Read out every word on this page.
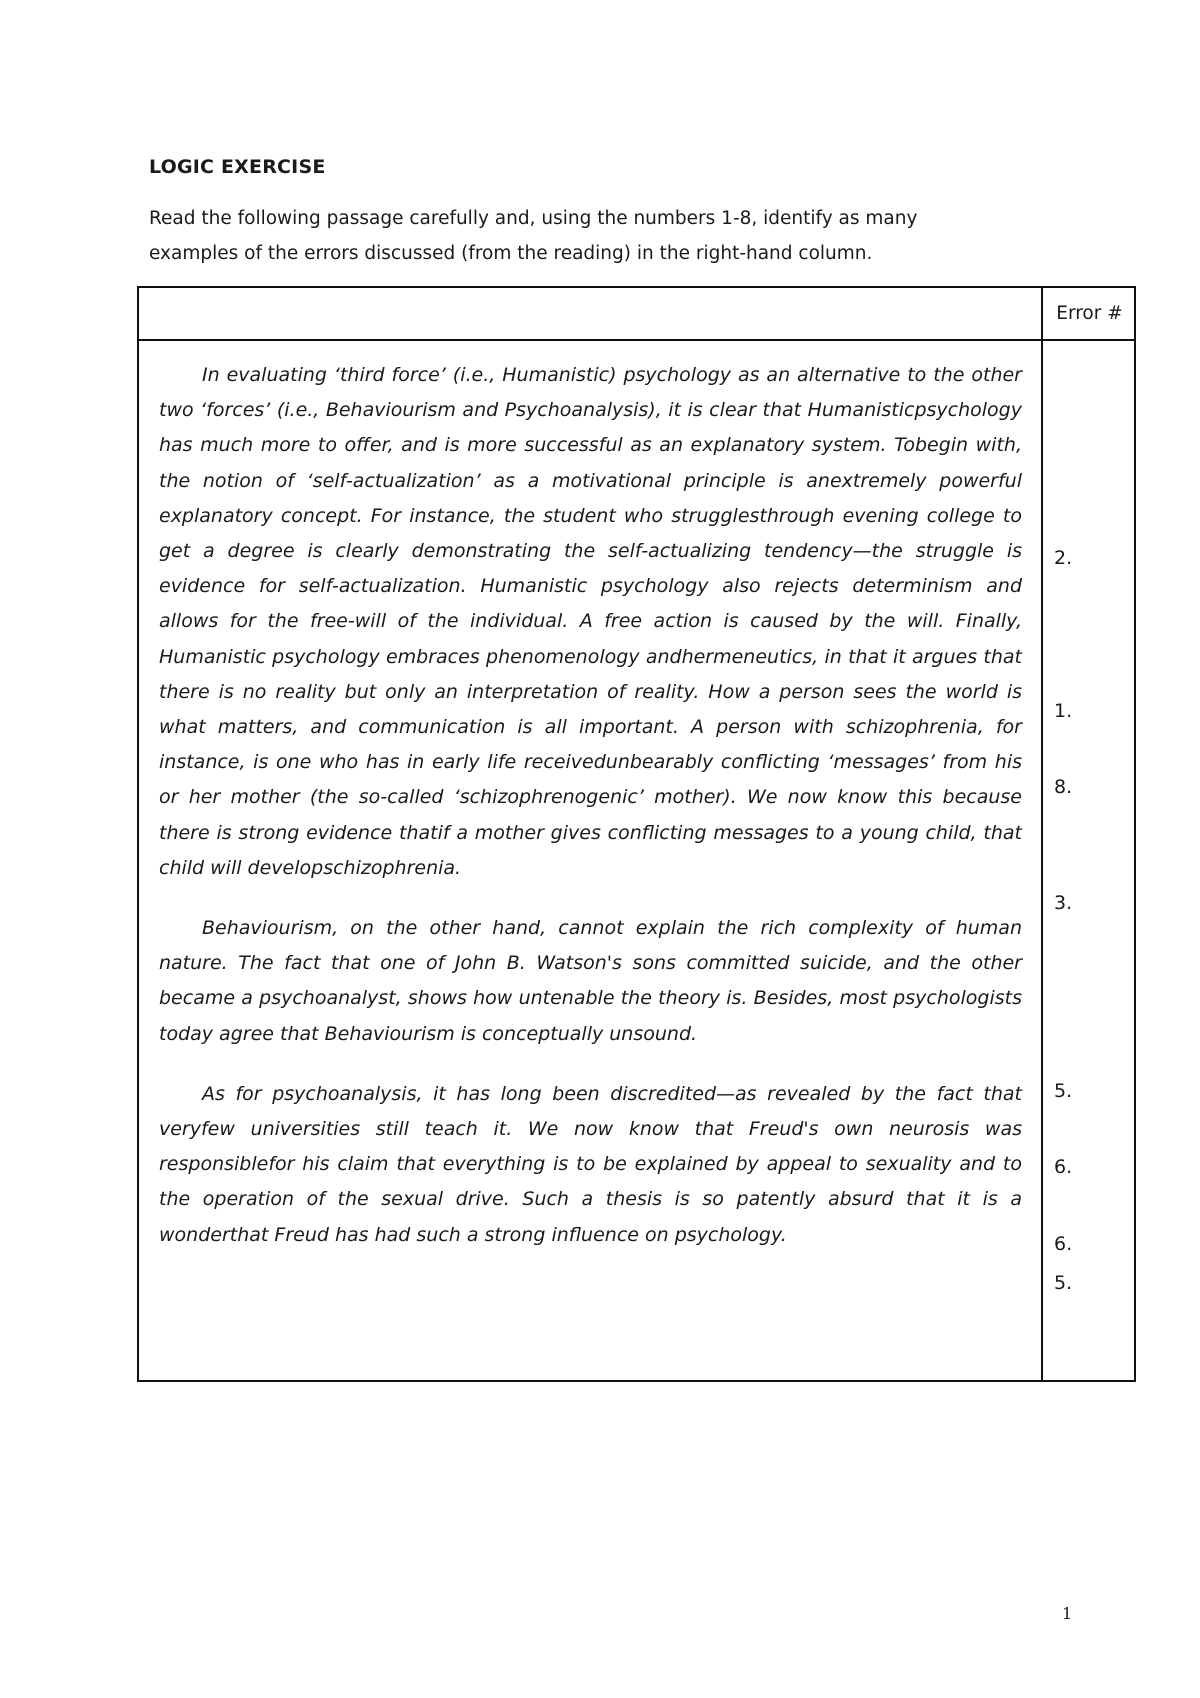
LOGIC EXERCISE
Read the following passage carefully and, using the numbers 1-8, identify as many
examples of the errors discussed (from the reading) in the right-hand column.
Error #

In evaluating ‘third force’ (i.e., Humanistic) psychology as an alternative to the other two ‘forces’ (i.e., Behaviourism and Psychoanalysis), it is clear that Humanisticpsychology has much more to offer, and is more successful as an explanatory system. Tobegin with, the notion of ‘self-actualization’ as a motivational principle is anextremely powerful explanatory concept. For instance, the student who strugglesthrough evening college to get a degree is clearly demonstrating the self-actualizing tendency—the struggle is evidence for self-actualization. Humanistic psychology also rejects determinism and allows for the free-will of the individual. A free action is caused by the will. Finally, Humanistic psychology embraces phenomenology andhermeneutics, in that it argues that there is no reality but only an interpretation of reality. How a person sees the world is what matters, and communication is all important. A person with schizophrenia, for instance, is one who has in early life receivedunbearably conflicting ‘messages’ from his or her mother (the so-called ‘schizophrenogenic’ mother). We now know this because there is strong evidence thatif a mother gives conflicting messages to a young child, that child will developschizophrenia.

Behaviourism, on the other hand, cannot explain the rich complexity of human nature. The fact that one of John B. Watson's sons committed suicide, and the other became a psychoanalyst, shows how untenable the theory is. Besides, most psychologists today agree that Behaviourism is conceptually unsound.

As for psychoanalysis, it has long been discredited—as revealed by the fact that veryfew universities still teach it. We now know that Freud's own neurosis was responsiblefor his claim that everything is to be explained by appeal to sexuality and to the operation of the sexual drive. Such a thesis is so patently absurd that it is a wonderthat Freud has had such a strong influence on psychology.

2.
1.
8.
3.
5.
6.
6.
5.
1
